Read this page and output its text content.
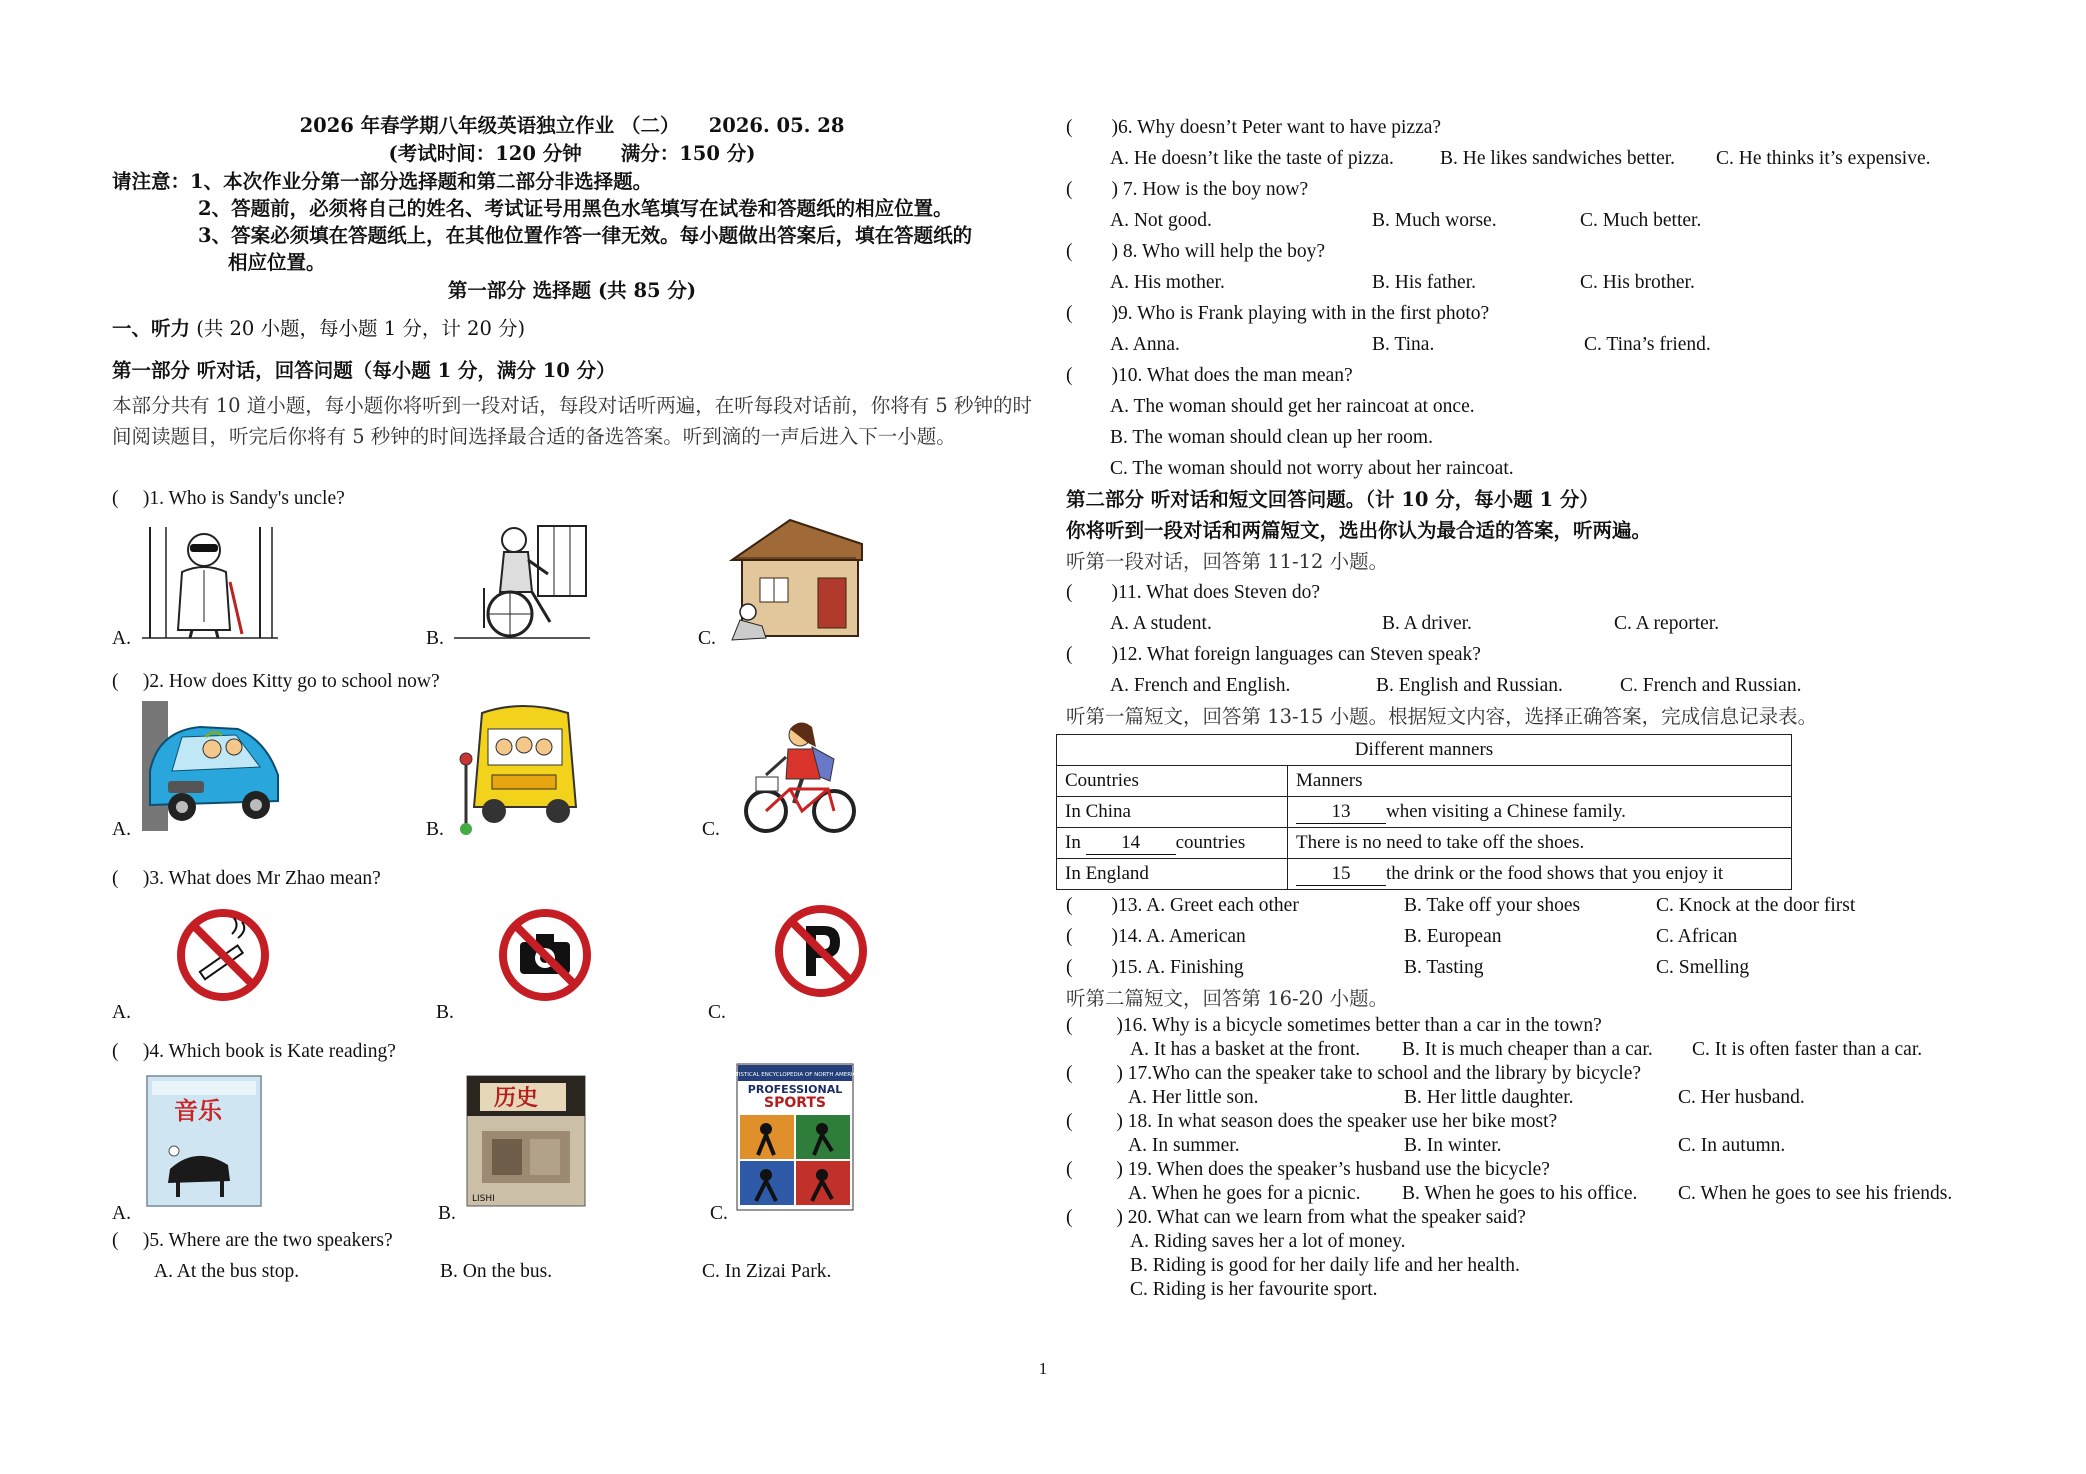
2026 年春学期八年级英语独立作业 （二）　　2026. 05. 28
(考试时间：120 分钟　　满分：150 分)
请注意：1、本次作业分第一部分选择题和第二部分非选择题。
2、答题前，必须将自己的姓名、考试证号用黑色水笔填写在试卷和答题纸的相应位置。
3、答案必须填在答题纸上，在其他位置作答一律无效。每小题做出答案后，填在答题纸的
相应位置。
第一部分 选择题 (共 85 分)
一、听力 (共 20 小题，每小题 1 分，计 20 分)
第一部分 听对话，回答问题（每小题 1 分，满分 10 分）
本部分共有 10 道小题，每小题你将听到一段对话，每段对话听两遍，在听每段对话前，你将有 5 秒钟的时间阅读题目，听完后你将有 5 秒钟的时间选择最合适的备选答案。听到滴的一声后进入下一小题。
( 　)1. Who is Sandy's uncle?
A.	B.	C.
( 　)2. How does Kitty go to school now?
A.	B.	C.
( 　)3. What does Mr Zhao mean?
A.	B.	C.
( 　)4. Which book is Kate reading?
A.
音乐
B.
历史
LISHI
C.
STATISTICAL ENCYCLOPEDIA OF NORTH AMERICAN
PROFESSIONAL
SPORTS
( 　)5. Where are the two speakers?
A. At the bus stop.	B. On the bus.	C. In Zizai Park.
(　　)6. Why doesn’t Peter want to have pizza?
A. He doesn’t like the taste of pizza. B. He likes sandwiches better. C. He thinks it’s expensive.
(　　) 7. How is the boy now?
A. Not good.	B. Much worse.	C. Much better.
(　　) 8. Who will help the boy?
A. His mother.	B. His father.	C. His brother.
(　　)9. Who is Frank playing with in the first photo?
A. Anna.	B. Tina.	C. Tina’s friend.
(　　)10. What does the man mean?
A. The woman should get her raincoat at once.
B. The woman should clean up her room.
C. The woman should not worry about her raincoat.
第二部分 听对话和短文回答问题。（计 10 分，每小题 1 分）
你将听到一段对话和两篇短文，选出你认为最合适的答案，听两遍。
听第一段对话，回答第 11-12 小题。
(　　)11. What does Steven do?
A. A student.	B. A driver.	C. A reporter.
(　　)12. What foreign languages can Steven speak?
A. French and English.	B. English and Russian.	C. French and Russian.
听第一篇短文，回答第 13-15 小题。根据短文内容，选择正确答案，完成信息记录表。
Different manners	
Countries	Manners
In China	13 when visiting a Chinese family.
In 14 countries	There is no need to take off the shoes.
In England	15 the drink or the food shows that you enjoy it
(　　)13. A. Greet each other	B. Take off your shoes	C. Knock at the door first
(　　)14. A. American	B. European	C. African
(　　)15. A. Finishing	B. Tasting	C. Smelling
听第二篇短文，回答第 16-20 小题。
(　　 )16. Why is a bicycle sometimes better than a car in the town?
A. It has a basket at the front. B. It is much cheaper than a car. C. It is often faster than a car.
(　　 ) 17.Who can the speaker take to school and the library by bicycle?
A. Her little son.	B. Her little daughter.	C. Her husband.
(　　 ) 18. In what season does the speaker use her bike most?
A. In summer.	B. In winter.	C. In autumn.
(　　 ) 19. When does the speaker’s husband use the bicycle?
A. When he goes for a picnic. B. When he goes to his office. C. When he goes to see his friends.
(　　 ) 20. What can we learn from what the speaker said?
A. Riding saves her a lot of money.
B. Riding is good for her daily life and her health.
C. Riding is her favourite sport.
1
